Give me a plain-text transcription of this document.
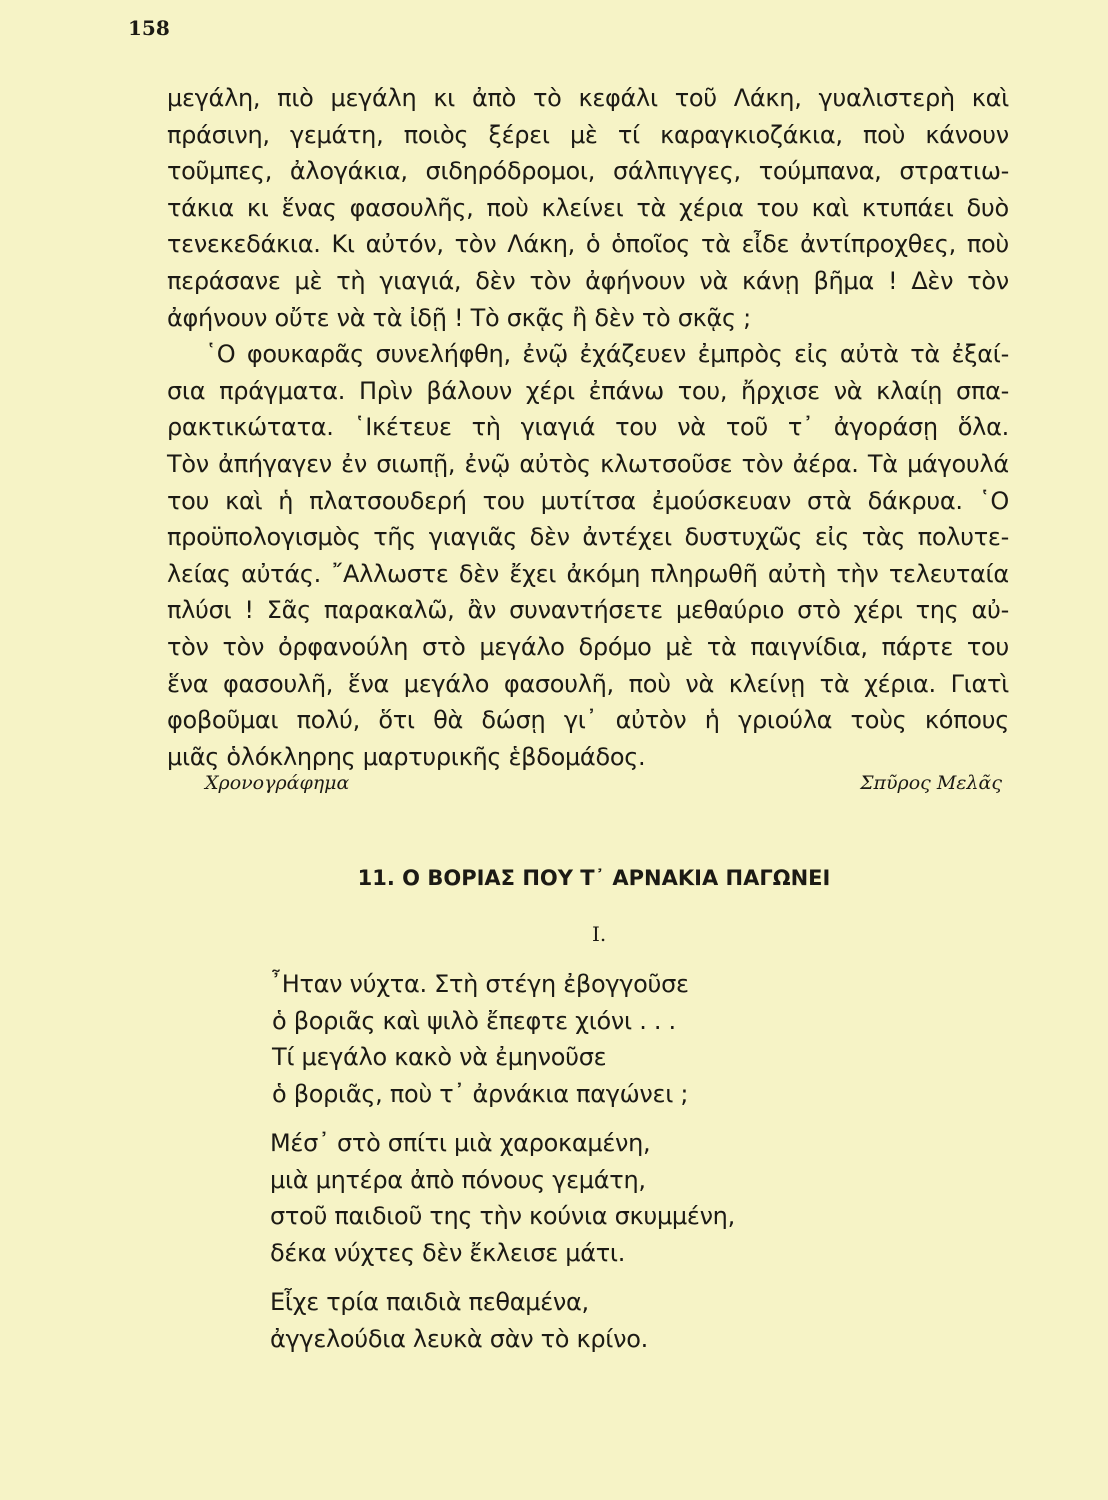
158
μεγάλη, πιὸ μεγάλη κι ἀπὸ τὸ κεφάλι τοῦ Λάκη, γυαλιστερὴ καὶ
πράσινη, γεμάτη, ποιὸς ξέρει μὲ τί καραγκιοζάκια, ποὺ κάνουν
τοῦμπες, ἀλογάκια, σιδηρόδρομοι, σάλπιγγες, τούμπανα, στρατιω-
τάκια κι ἕνας φασουλῆς, ποὺ κλείνει τὰ χέρια του καὶ κτυπάει δυὸ
τενεκεδάκια. Κι αὐτόν, τὸν Λάκη, ὁ ὁποῖος τὰ εἶδε ἀντίπροχθες, ποὺ
περάσανε μὲ τὴ γιαγιά, δὲν τὸν ἀφήνουν νὰ κάνῃ βῆμα ! Δὲν τὸν
ἀφήνουν οὔτε νὰ τὰ ἰδῇ ! Τὸ σκᾷς ἢ δὲν τὸ σκᾷς ;
῾Ο φουκαρᾶς συνελήφθη, ἐνῷ ἐχάζευεν ἐμπρὸς εἰς αὐτὰ τὰ ἐξαί-
σια πράγματα. Πρὶν βάλουν χέρι ἐπάνω του, ἤρχισε νὰ κλαίῃ σπα-
ρακτικώτατα. ῾Ικέτευε τὴ γιαγιά του νὰ τοῦ τ᾽ ἀγοράσῃ ὅλα.
Τὸν ἀπήγαγεν ἐν σιωπῇ, ἐνῷ αὐτὸς κλωτσοῦσε τὸν ἀέρα. Τὰ μάγουλά
του καὶ ἡ πλατσουδερή του μυτίτσα ἐμούσκευαν στὰ δάκρυα. ῾Ο
προϋπολογισμὸς τῆς γιαγιᾶς δὲν ἀντέχει δυστυχῶς εἰς τὰς πολυτε-
λείας αὐτάς. ῎Αλλωστε δὲν ἔχει ἀκόμη πληρωθῆ αὐτὴ τὴν τελευταία
πλύσι ! Σᾶς παρακαλῶ, ἂν συναντήσετε μεθαύριο στὸ χέρι της αὐ-
τὸν τὸν ὀρφανούλη στὸ μεγάλο δρόμο μὲ τὰ παιγνίδια, πάρτε του
ἕνα φασουλῆ, ἕνα μεγάλο φασουλῆ, ποὺ νὰ κλείνῃ τὰ χέρια. Γιατὶ
φοβοῦμαι πολύ, ὅτι θὰ δώσῃ γι᾽ αὐτὸν ἡ γριούλα τοὺς κόπους
μιᾶς ὁλόκληρης μαρτυρικῆς ἑβδομάδος.
Χρονογράφημα	Σπῦρος Μελᾶς
11. Ο ΒΟΡΙΑΣ ΠΟΥ Τ᾽ ΑΡΝΑΚΙΑ ΠΑΓΩΝΕΙ
Ι.
῏Ηταν νύχτα. Στὴ στέγη ἐβογγοῦσε
ὁ βοριᾶς καὶ ψιλὸ ἔπεφτε χιόνι . . .
Τί μεγάλο κακὸ νὰ ἐμηνοῦσε
ὁ βοριᾶς, ποὺ τ᾽ ἀρνάκια παγώνει ;
Μέσ᾽ στὸ σπίτι μιὰ χαροκαμένη,
μιὰ μητέρα ἀπὸ πόνους γεμάτη,
στοῦ παιδιοῦ της τὴν κούνια σκυμμένη,
δέκα νύχτες δὲν ἔκλεισε μάτι.
Εἶχε τρία παιδιὰ πεθαμένα,
ἀγγελούδια λευκὰ σὰν τὸ κρίνο.
